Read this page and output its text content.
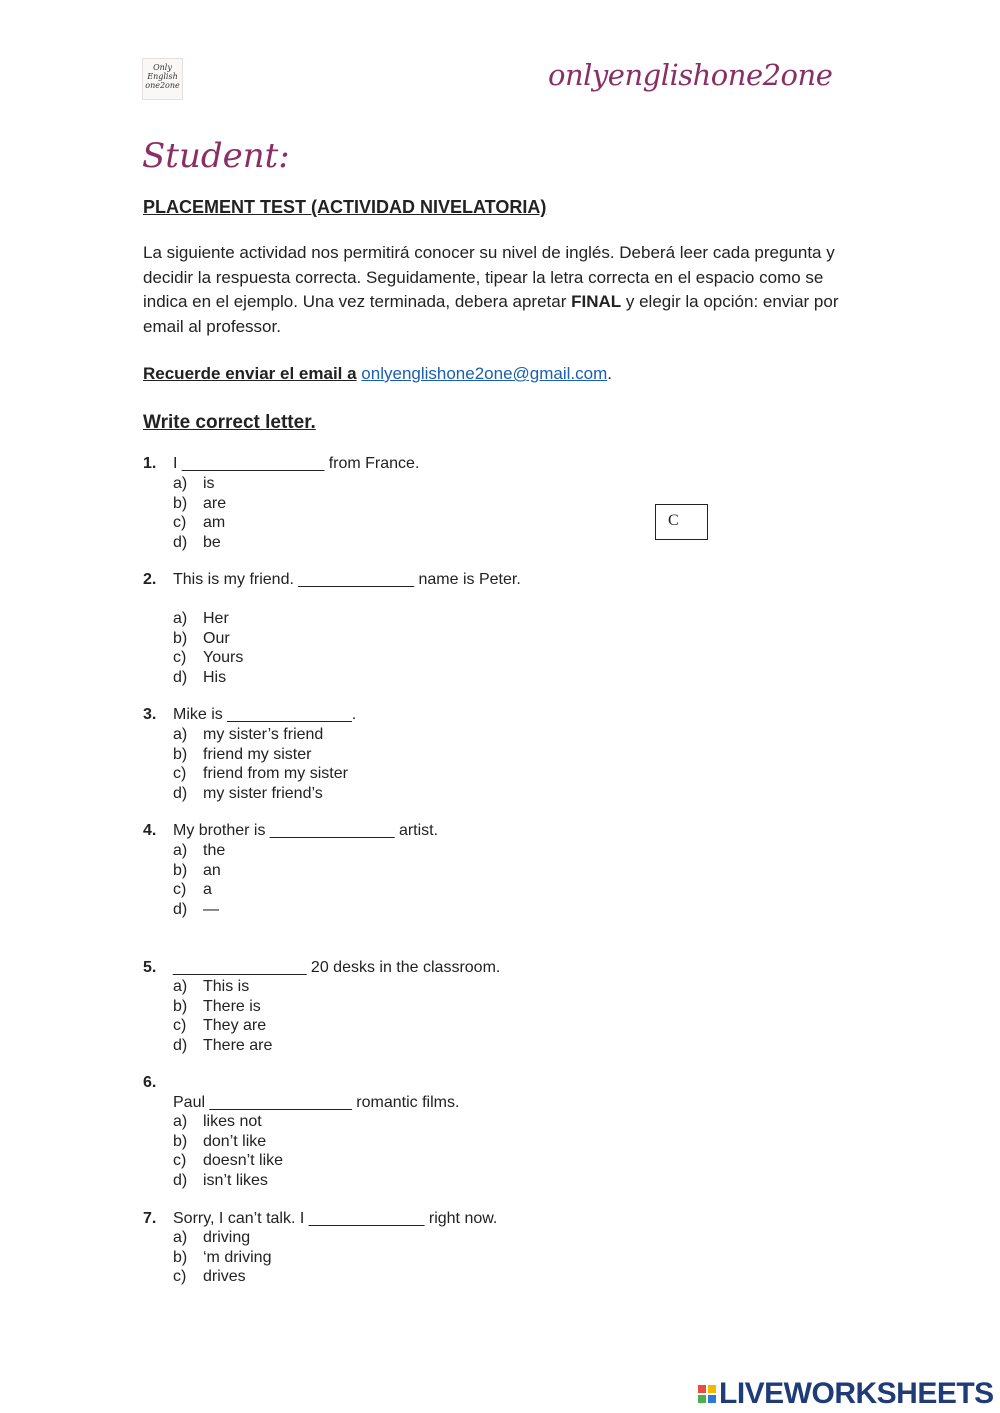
Only English one2one	onlyenglishone2one
Student:
PLACEMENT TEST (ACTIVIDAD NIVELATORIA)
La siguiente actividad nos permitirá conocer su nivel de inglés. Deberá leer cada pregunta y decidir la respuesta correcta. Seguidamente, tipear la letra correcta en el espacio como se indica en el ejemplo. Una vez terminada, debera apretar FINAL y elegir la opción: enviar por email al professor.
Recuerde enviar el email a onlyenglishone2one@gmail.com.
Write correct letter.
C
1. I ________________ from France.
a) is
b) are
c) am
d) be
2. This is my friend. _____________ name is Peter.
a) Her
b) Our
c) Yours
d) His
3. Mike is ______________.
a) my sister’s friend
b) friend my sister
c) friend from my sister
d) my sister friend’s
4. My brother is ______________ artist.
a) the
b) an
c) a
d) —
5. _______________ 20 desks in the classroom.
a) This is
b) There is
c) They are
d) There are
6.
Paul ________________ romantic films.
a) likes not
b) don’t like
c) doesn’t like
d) isn’t likes
7. Sorry, I can’t talk. I _____________ right now.
a) driving
b) ‘m driving
c) drives
LIVEWORKSHEETS
